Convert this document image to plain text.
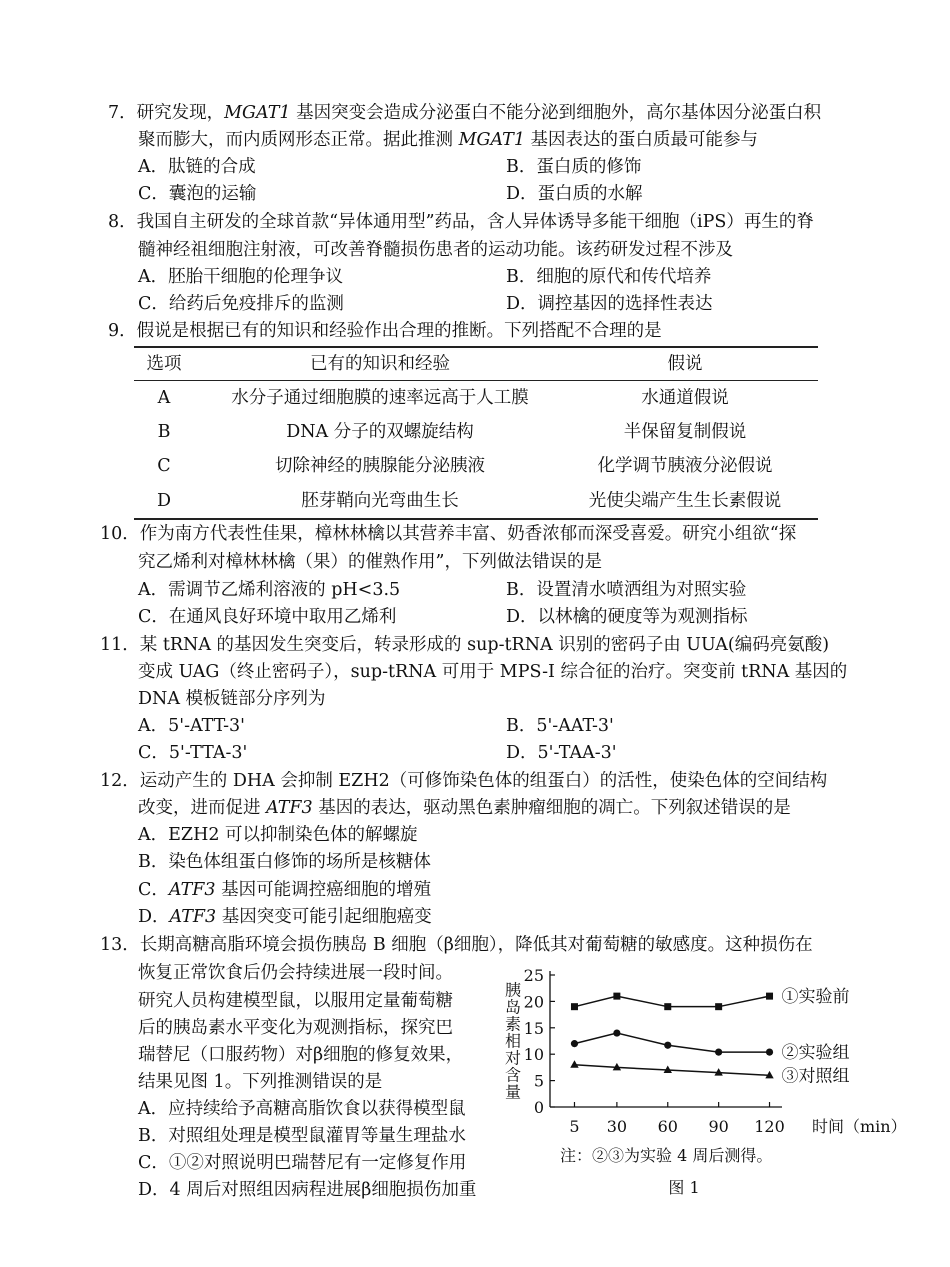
7．研究发现，MGAT1 基因突变会造成分泌蛋白不能分泌到细胞外，高尔基体因分泌蛋白积
聚而膨大，而内质网形态正常。据此推测 MGAT1 基因表达的蛋白质最可能参与
A．肽链的合成	B．蛋白质的修饰
C．囊泡的运输	D．蛋白质的水解
8．我国自主研发的全球首款“异体通用型”药品，含人异体诱导多能干细胞（iPS）再生的脊
髓神经祖细胞注射液，可改善脊髓损伤患者的运动功能。该药研发过程不涉及
A．胚胎干细胞的伦理争议	B．细胞的原代和传代培养
C．给药后免疫排斥的监测	D．调控基因的选择性表达
9．假说是根据已有的知识和经验作出合理的推断。下列搭配不合理的是
选项	已有的知识和经验	假说
A	水分子通过细胞膜的速率远高于人工膜	水通道假说
B	DNA 分子的双螺旋结构	半保留复制假说
C	切除神经的胰腺能分泌胰液	化学调节胰液分泌假说
D	胚芽鞘向光弯曲生长	光使尖端产生生长素假说
10．作为南方代表性佳果，樟林林檎以其营养丰富、奶香浓郁而深受喜爱。研究小组欲“探
究乙烯利对樟林林檎（果）的催熟作用”，下列做法错误的是
A．需调节乙烯利溶液的 pH<3.5	B．设置清水喷洒组为对照实验
C．在通风良好环境中取用乙烯利	D．以林檎的硬度等为观测指标
11．某 tRNA 的基因发生突变后，转录形成的 sup-tRNA 识别的密码子由 UUA(编码亮氨酸)
变成 UAG（终止密码子），sup-tRNA 可用于 MPS-I 综合征的治疗。突变前 tRNA 基因的
DNA 模板链部分序列为
A．5'-ATT-3'	B．5'-AAT-3'
C．5'-TTA-3'	D．5'-TAA-3'
12．运动产生的 DHA 会抑制 EZH2（可修饰染色体的组蛋白）的活性，使染色体的空间结构
改变，进而促进 ATF3 基因的表达，驱动黑色素肿瘤细胞的凋亡。下列叙述错误的是
A．EZH2 可以抑制染色体的解螺旋
B．染色体组蛋白修饰的场所是核糖体
C．ATF3 基因可能调控癌细胞的增殖
D．ATF3 基因突变可能引起细胞癌变
13．长期高糖高脂环境会损伤胰岛 B 细胞（β细胞），降低其对葡萄糖的敏感度。这种损伤在
恢复正常饮食后仍会持续进展一段时间。
研究人员构建模型鼠，以服用定量葡萄糖
后的胰岛素水平变化为观测指标，探究巴
瑞替尼（口服药物）对β细胞的修复效果，
结果见图 1。下列推测错误的是
A．应持续给予高糖高脂饮食以获得模型鼠
B．对照组处理是模型鼠灌胃等量生理盐水
C．①②对照说明巴瑞替尼有一定修复作用
D．4 周后对照组因病程进展β细胞损伤加重
0
5
10
15
20
25
5 30 60 90 120 时间（min）
胰岛素相对含量	①实验前
②实验组
③对照组
注：②③为实验 4 周后测得。
图 1
